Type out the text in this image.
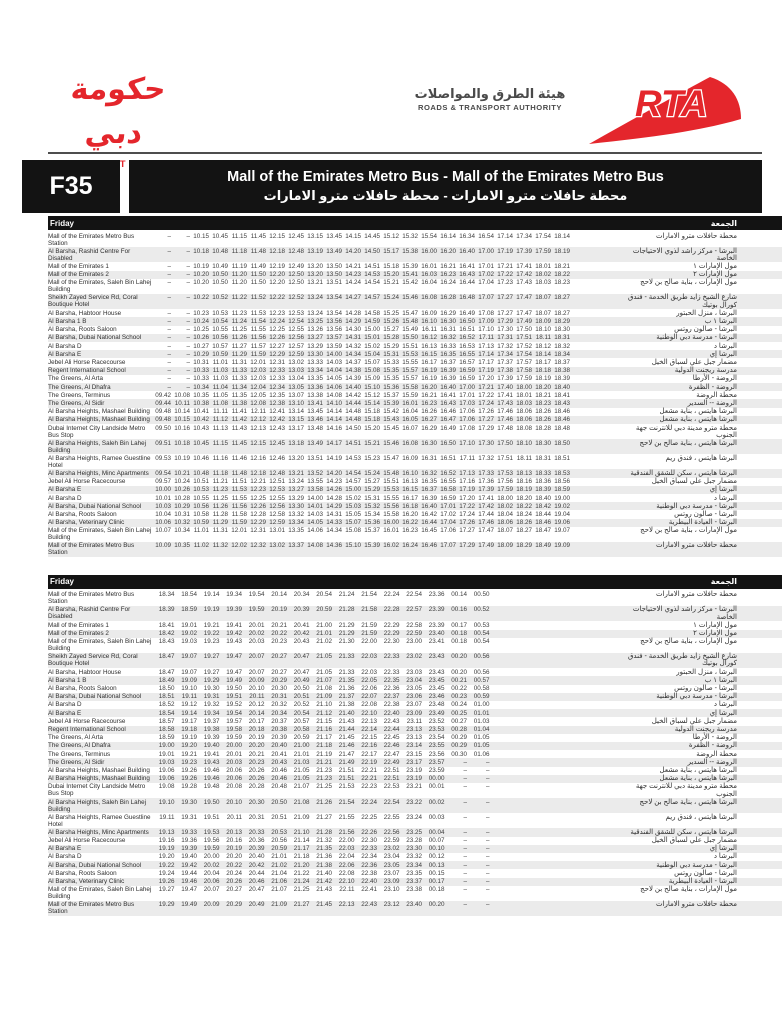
حكومة دبي
هيئة الطرق والمواصلات
ROADS & TRANSPORT AUTHORITY	RTA
F35	Mall of the Emirates Metro Bus - Mall of the Emirates Metro Bus
محطة حافلات مترو الامارات - محطة حافلات مترو الامارات
Friday	الجمعة
Mall of the Emirates Metro Bus Station
–	– 10.15 10.45 11.15 11.45 12.15 12.45 13.15 13.45 14.15 14.45 15.12 15.32 15.54 16.14 16.34 16.54 17.14 17.34 17.54 18.14	محطة حافلات مترو الامارات
Al Barsha, Rashid Centre For Disabled
–	– 10.18 10.48 11.18 11.48 12.18 12.48 13.19 13.49 14.20 14.50 15.17 15.38 16.00 16.20 16.40 17.00 17.19 17.39 17.59 18.19	البرشا - مركز راشد لذوي الاحتياجات الخاصة
Mall of the Emirates 1	–	– 10.19 10.49 11.19 11.49 12.19 12.49 13.20 13.50 14.21 14.51 15.18 15.39 16.01 16.21 16.41 17.01 17.21 17.41 18.01 18.21	مول الإمارات ١
Mall of the Emirates 2	–	– 10.20 10.50 11.20 11.50 12.20 12.50 13.20 13.50 14.23 14.53 15.20 15.41 16.03 16.23 16.43 17.02 17.22 17.42 18.02 18.22	مول الإمارات ٢
Mall of the Emirates, Saleh Bin Lahej Building
–	– 10.20 10.50 11.20 11.50 12.20 12.50 13.21 13.51 14.24 14.54 15.21 15.42 16.04 16.24 16.44 17.04 17.23 17.43 18.03 18.23	مول الإمارات ، بناية صالح بن لاحج
Sheikh Zayed Service Rd, Coral Boutique Hotel
–	– 10.22 10.52 11.22 11.52 12.22 12.52 13.24 13.54 14.27 14.57 15.24 15.46 16.08 16.28 16.48 17.07 17.27 17.47 18.07 18.27	شارع الشيخ زايد طريق الخدمة - فندق كورال بوتيك
Al Barsha, Habtoor House	–	– 10.23 10.53 11.23 11.53 12.23 12.53 13.24 13.54 14.28 14.58 15.25 15.47 16.09 16.29 16.49 17.08 17.27 17.47 18.07 18.27	البرشا ، منزل الحبتور
Al Barsha 1 B	–	– 10.24 10.54 11.24 11.54 12.24 12.54 13.25 13.56 14.29 14.59 15.26 15.48 16.10 16.30 16.50 17.09 17.29 17.49 18.09 18.29	البرشا ١ ب
Al Barsha, Roots Saloon	–	– 10.25 10.55 11.25 11.55 12.25 12.55 13.26 13.56 14.30 15.00 15.27 15.49 16.11 16.31 16.51 17.10 17.30 17.50 18.10 18.30	البرشا - صالون روتس
Al Barsha, Dubai National School	–	– 10.26 10.56 11.26 11.56 12.26 12.56 13.27 13.57 14.31 15.01 15.28 15.50 16.12 16.32 16.52 17.11 17.31 17.51 18.11 18.31	البرشا - مدرسة دبي الوطنية
Al Barsha D	–	– 10.27 10.57 11.27 11.57 12.27 12.57 13.29 13.59 14.32 15.02 15.29 15.51 16.13 16.33 16.53 17.13 17.32 17.52 18.12 18.32	البرشا د
Al Barsha E	–	– 10.29 10.59 11.29 11.59 12.29 12.59 13.30 14.00 14.34 15.04 15.31 15.53 16.15 16.35 16.55 17.14 17.34 17.54 18.14 18.34	البرشا إي
Jebel Ali Horse Racecourse	–	– 10.31 11.01 11.31 12.01 12.31 13.02 13.33 14.03 14.37 15.07 15.33 15.55 16.17 16.37 16.57 17.17 17.37 17.57 18.17 18.37	مضمار جبل علي لسباق الخيل
Regent International School	–	– 10.33 11.03 11.33 12.03 12.33 13.03 13.34 14.04 14.38 15.08 15.35 15.57 16.19 16.39 16.59 17.19 17.38 17.58 18.18 18.38	مدرسة ريجنت الدولية
The Greens, Al Arta	–	– 10.33 11.03 11.33 12.03 12.33 13.04 13.35 14.05 14.39 15.09 15.35 15.57 16.19 16.39 16.59 17.20 17.39 17.59 18.19 18.39	الروضة - الأرطا
The Greens, Al Dhafra	–	– 10.34 11.04 11.34 12.04 12.34 13.05 13.36 14.06 14.40 15.10 15.36 15.58 16.20 16.40 17.00 17.21 17.40 18.00 18.20 18.40	الروضة - الظفرة
The Greens, Terminus	09.42 10.08 10.35 11.05 11.35 12.05 12.35 13.07 13.38 14.08 14.42 15.12 15.37 15.59 16.21 16.41 17.01 17.22 17.41 18.01 18.21 18.41	محطة الروضة
The Greens, Al Sidir	09.44 10.11 10.38 11.08 11.38 12.08 12.38 13.10 13.41 14.10 14.44 15.14 15.39 16.01 16.23 16.43 17.03 17.24 17.43 18.03 18.23 18.43	الروضة -- السدير
Al Barsha Heights, Mashael Building 09.48 10.14 10.41 11.11 11.41 12.11 12.41 13.14 13.45 14.14 14.48 15.18 15.42 16.04 16.26 16.46 17.06 17.26 17.46 18.06 18.26 18.46	البرشا هايتس ، بناية مشعل
Al Barsha Heights, Mashael Building 09.48 10.15 10.42 11.12 11.42 12.12 12.42 13.15 13.46 14.14 14.48 15.18 15.43 16.05 16.27 16.47 17.06 17.27 17.46 18.06 18.26 18.46	البرشا هايتس ، بناية مشعل
Dubai Internet City Landside Metro Bus Stop
09.50 10.16 10.43 11.13 11.43 12.13 12.43 13.17 13.48 14.16 14.50 15.20 15.45 16.07 16.29 16.49 17.08 17.29 17.48 18.08 18.28 18.48	محطة مترو مدينة دبي للانترنت جهة الجنوب
Al Barsha Heights, Saleh Bin Lahej Building
09.51 10.18 10.45 11.15 11.45 12.15 12.45 13.18 13.49 14.17 14.51 15.21 15.46 16.08 16.30 16.50 17.10 17.30 17.50 18.10 18.30 18.50	البرشا هايتس ، بناية صالح بن لاحج
Al Barsha Heights, Ramee Guestline Hotel
09.53 10.19 10.46 11.16 11.46 12.16 12.46 13.20 13.51 14.19 14.53 15.23 15.47 16.09 16.31 16.51 17.11 17.32 17.51 18.11 18.31 18.51	البرشا هايتس ، فندق ريم
Al Barsha Heights, Minc Apartments	09.54 10.21 10.48 11.18 11.48 12.18 12.48 13.21 13.52 14.20 14.54 15.24 15.48 16.10 16.32 16.52 17.13 17.33 17.53 18.13 18.33 18.53	البرشا هايتس ، سكن للشقق الفندقية
Jebel Ali Horse Racecourse	09.57 10.24 10.51 11.21 11.51 12.21 12.51 13.24 13.55 14.23 14.57 15.27 15.51 16.13 16.35 16.55 17.16 17.36 17.56 18.16 18.36 18.56	مضمار جبل علي لسباق الخيل
Al Barsha E	10.00 10.26 10.53 11.23 11.53 12.23 12.53 13.27 13.58 14.26 15.00 15.29 15.53 16.15 16.37 16.58 17.19 17.39 17.59 18.19 18.39 18.59	البرشا إي
Al Barsha D	10.01 10.28 10.55 11.25 11.55 12.25 12.55 13.29 14.00 14.28 15.02 15.31 15.55 16.17 16.39 16.59 17.20 17.41 18.00 18.20 18.40 19.00	البرشا د
Al Barsha, Dubai National School	10.03 10.29 10.56 11.26 11.56 12.26 12.56 13.30 14.01 14.29 15.03 15.32 15.56 16.18 16.40 17.01 17.22 17.42 18.02 18.22 18.42 19.02	البرشا - مدرسة دبي الوطنية
Al Barsha, Roots Saloon	10.04 10.31 10.58 11.28 11.58 12.28 12.58 13.32 14.03 14.31 15.05 15.34 15.58 16.20 16.42 17.02 17.24 17.44 18.04 18.24 18.44 19.04	البرشا - صالون روتس
Al Barsha, Veterinary Clinic	10.06 10.32 10.59 11.29 11.59 12.29 12.59 13.34 14.05 14.33 15.07 15.36 16.00 16.22 16.44 17.04 17.26 17.46 18.06 18.26 18.46 19.06	البرشا - العيادة البيطرية
Mall of the Emirates, Saleh Bin Lahej Building
10.07 10.34 11.01 11.31 12.01 12.31 13.01 13.35 14.06 14.34 15.08 15.37 16.01 16.23 16.45 17.06 17.27 17.47 18.07 18.27 18.47 19.07	مول الإمارات ، بناية صالح بن لاحج
Mall of the Emirates Metro Bus Station
10.09 10.35 11.02 11.32 12.02 12.32 13.02 13.37 14.08 14.36 15.10 15.39 16.02 16.24 16.46 17.07 17.29 17.49 18.09 18.29 18.49 19.09	محطة حافلات مترو الامارات
Friday	الجمعة
Mall of the Emirates Metro Bus Station
18.34	18.54	19.14	19.34	19.54	20.14	20.34	20.54	21.24	21.54	22.24	22.54	23.36	00.14	00.50	محطة حافلات مترو الامارات
Al Barsha, Rashid Centre For Disabled
18.39	18.59	19.19	19.39	19.59	20.19	20.39	20.59	21.28	21.58	22.28	22.57	23.39	00.16	00.52	البرشا - مركز راشد لذوي الاحتياجات الخاصة
Mall of the Emirates 1	18.41	19.01	19.21	19.41	20.01	20.21	20.41	21.00	21.29	21.59	22.29	22.58	23.39	00.17	00.53	مول الإمارات ١
Mall of the Emirates 2	18.42	19.02	19.22	19.42	20.02	20.22	20.42	21.01	21.29	21.59	22.29	22.59	23.40	00.18	00.54	مول الإمارات ٢
Mall of the Emirates, Saleh Bin Lahej Building
18.43	19.03	19.23	19.43	20.03	20.23	20.43	21.02	21.30	22.00	22.30	23.00	23.41	00.18	00.54	مول الإمارات ، بناية صالح بن لاحج
Sheikh Zayed Service Rd, Coral Boutique Hotel
18.47	19.07	19.27	19.47	20.07	20.27	20.47	21.05	21.33	22.03	22.33	23.02	23.43	00.20	00.56	شارع الشيخ زايد طريق الخدمة - فندق كورال بوتيك
Al Barsha, Habtoor House	18.47	19.07	19.27	19.47	20.07	20.27	20.47	21.05	21.33	22.03	22.33	23.03	23.43	00.20	00.56	البرشا ، منزل الحبتور
Al Barsha 1 B	18.49	19.09	19.29	19.49	20.09	20.29	20.49	21.07	21.35	22.05	22.35	23.04	23.45	00.21	00.57	البرشا ١ ب
Al Barsha, Roots Saloon	18.50	19.10	19.30	19.50	20.10	20.30	20.50	21.08	21.36	22.06	22.36	23.05	23.45	00.22	00.58	البرشا - صالون روتس
Al Barsha, Dubai National School	18.51	19.11	19.31	19.51	20.11	20.31	20.51	21.09	21.37	22.07	22.37	23.06	23.46	00.23	00.59	البرشا - مدرسة دبي الوطنية
Al Barsha D	18.52	19.12	19.32	19.52	20.12	20.32	20.52	21.10	21.38	22.08	22.38	23.07	23.48	00.24	01.00	البرشا د
Al Barsha E	18.54	19.14	19.34	19.54	20.14	20.34	20.54	21.12	21.40	22.10	22.40	23.09	23.49	00.25	01.01	البرشا إي
Jebel Ali Horse Racecourse	18.57	19.17	19.37	19.57	20.17	20.37	20.57	21.15	21.43	22.13	22.43	23.11	23.52	00.27	01.03	مضمار جبل علي لسباق الخيل
Regent International School	18.58	19.18	19.38	19.58	20.18	20.38	20.58	21.16	21.44	22.14	22.44	23.13	23.53	00.28	01.04	مدرسة ريجنت الدولية
The Greens, Al Arta	18.59	19.19	19.39	19.59	20.19	20.39	20.59	21.17	21.45	22.15	22.45	23.13	23.54	00.29	01.05	الروضة - الأرطا
The Greens, Al Dhafra	19.00	19.20	19.40	20.00	20.20	20.40	21.00	21.18	21.46	22.16	22.46	23.14	23.55	00.29	01.05	الروضة - الظفرة
The Greens, Terminus	19.01	19.21	19.41	20.01	20.21	20.41	21.01	21.19	21.47	22.17	22.47	23.15	23.56	00.30	01.06	محطة الروضة
The Greens, Al Sidir	19.03	19.23	19.43	20.03	20.23	20.43	21.03	21.21	21.49	22.19	22.49	23.17	23.57	–	–	الروضة -- السدير
Al Barsha Heights, Mashael Building	19.06	19.26	19.46	20.06	20.26	20.46	21.05	21.23	21.51	22.21	22.51	23.19	23.59	–	–	البرشا هايتس ، بناية مشعل
Al Barsha Heights, Mashael Building	19.06	19.26	19.46	20.06	20.26	20.46	21.05	21.23	21.51	22.21	22.51	23.19	00.00	–	–	البرشا هايتس ، بناية مشعل
Dubai Internet City Landside Metro Bus Stop
19.08	19.28	19.48	20.08	20.28	20.48	21.07	21.25	21.53	22.23	22.53	23.21	00.01	–	–	محطة مترو مدينة دبي للانترنت جهة الجنوب
Al Barsha Heights, Saleh Bin Lahej Building
19.10	19.30	19.50	20.10	20.30	20.50	21.08	21.26	21.54	22.24	22.54	23.22	00.02	–	–	البرشا هايتس ، بناية صالح بن لاحج
Al Barsha Heights, Ramee Guestline Hotel
19.11	19.31	19.51	20.11	20.31	20.51	21.09	21.27	21.55	22.25	22.55	23.24	00.03	–	–	البرشا هايتس ، فندق ريم
Al Barsha Heights, Minc Apartments	19.13	19.33	19.53	20.13	20.33	20.53	21.10	21.28	21.56	22.26	22.56	23.25	00.04	–	–	البرشا هايتس ، سكن للشقق الفندقية
Jebel Ali Horse Racecourse	19.16	19.36	19.56	20.16	20.36	20.56	21.14	21.32	22.00	22.30	22.59	23.28	00.07	–	–	مضمار جبل علي لسباق الخيل
Al Barsha E	19.19	19.39	19.59	20.19	20.39	20.59	21.17	21.35	22.03	22.33	23.02	23.30	00.10	–	–	البرشا إي
Al Barsha D	19.20	19.40	20.00	20.20	20.40	21.01	21.18	21.36	22.04	22.34	23.04	23.32	00.12	–	–	البرشا د
Al Barsha, Dubai National School	19.22	19.42	20.02	20.22	20.42	21.02	21.20	21.38	22.06	22.36	23.05	23.34	00.13	–	–	البرشا - مدرسة دبي الوطنية
Al Barsha, Roots Saloon	19.24	19.44	20.04	20.24	20.44	21.04	21.22	21.40	22.08	22.38	23.07	23.35	00.15	–	–	البرشا - صالون روتس
Al Barsha, Veterinary Clinic	19.26	19.46	20.06	20.26	20.46	21.06	21.24	21.42	22.10	22.40	23.09	23.37	00.17	–	–	البرشا - العيادة البيطرية
Mall of the Emirates, Saleh Bin Lahej Building
19.27	19.47	20.07	20.27	20.47	21.07	21.25	21.43	22.11	22.41	23.10	23.38	00.18	–	–	مول الإمارات ، بناية صالح بن لاحج
Mall of the Emirates Metro Bus Station
19.29	19.49	20.09	20.29	20.49	21.09	21.27	21.45	22.13	22.43	23.12	23.40	00.20	–	–	محطة حافلات مترو الامارات
